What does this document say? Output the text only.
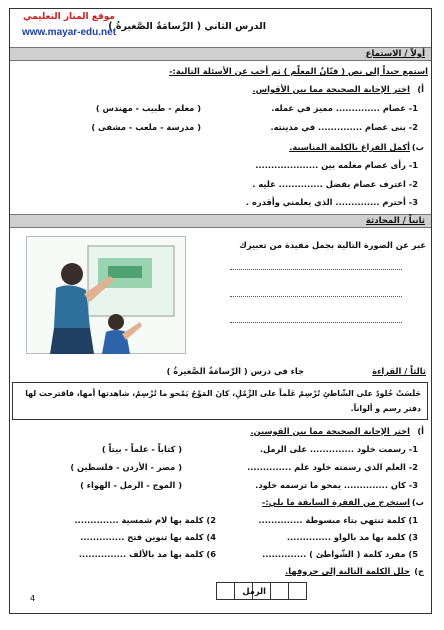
موقع المنار التعليمي
www.mayar-edu.net
الدرس الثاني ( الرِّسامَةُ الصَّغيرةُ )
أولاً / الاستماع
استمع جيداً إلى نص ( فنّانٌ المعلّم ) ثم أجب عن الأسئلة التالية:-
أ)
اختر الإجابة الصحيحة مما بين الأقواس.
1- عصام .............. مميز في عمله.
( معلم - طبيب - مهندس )
2- بنى عصام .............. في مدينته.
( مدرسة - ملعب - مشفى )
ب)
أكمل الفراغ بالكلمة المناسبة.
1- رأى عصام معلمه بين ....................
2- اعترف عصام بفضل .............. عليه .
3- أحترم .............. الذي يعلمني وأقدره .
ثانياً / المحادثة
عبر عن الصورة التالية بجمل مفيدة من تعبيرك
ثالثاً / القراءة
جاء في درس ( الرِّسامَةُ الصَّغيرةُ )
جَلَسَتْ خُلودٌ على الشّاطئِ تُرْسِمُ عَلَماً على الرِّمْلِ، كانَ المَوْجُ يَمْحو ما تُرْسِمُ، شاهدتها أمها، فاقترحت لها دفتر رسم و ألواناً.
أ)
اختر الإجابة الصحيحة مما بين القوسين.
1- رسمت خلود .............. على الرمل.
( كتاباً - علماً - بيتاً )
2- العلم الذي رسمته خلود علم ..............
( مصر - الأردن - فلسطين )
3- كان .............. يمحو ما ترسمه خلود.
( الموج - الرمل - الهواء )
ب)
استخرج من الفقرة السابقة ما يلي:-
1) كلمة تنتهي بتاء مبسوطة ..............
2) كلمة بها لام شمسية ..............
3) كلمة بها مد بالواو ..............
4) كلمة بها تنوين فتح ..............
5) مفرد كلمة ( الشّواطئ ) ..............
6) كلمة بها مد بالألف ...............
ج)
حلل الكلمة التالية إلى حروفها.
الرمل
4
